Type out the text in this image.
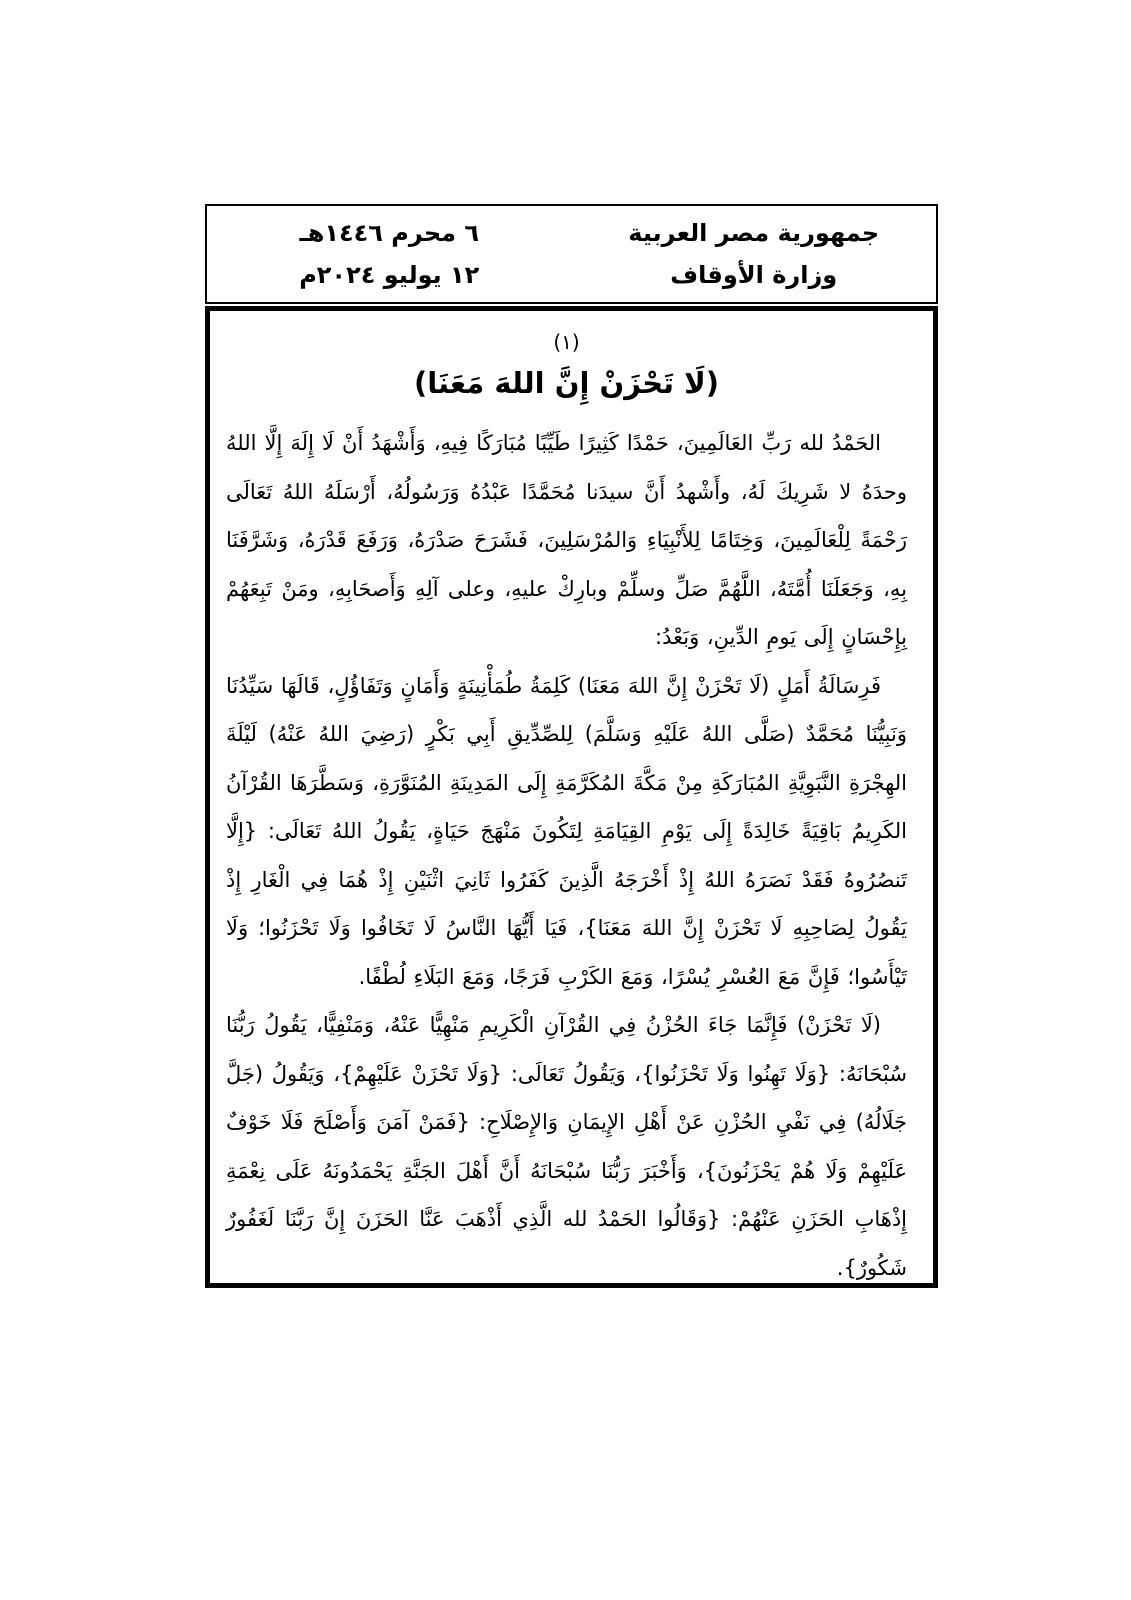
جمهورية مصر العربية
وزارة الأوقاف
٦ محرم ١٤٤٦هـ
١٢ يوليو ٢٠٢٤م
(١)
(لَا تَحْزَنْ إِنَّ اللهَ مَعَنَا)

الحَمْدُ لله رَبِّ العَالَمِينَ، حَمْدًا كَثِيرًا طَيِّبًا مُبَارَكًا فِيهِ، وَأَشْهَدُ أَنْ لَا إِلَهَ إِلَّا اللهُ وحدَهُ لا شَرِيكَ لَهُ، وأَشْهدُ أَنَّ سيدَنا مُحَمَّدًا عَبْدُهُ وَرَسُولُهُ، أَرْسَلَهُ اللهُ تَعَالَى رَحْمَةً لِلْعَالَمِينَ، وَخِتَامًا لِلأَنْبِيَاءِ وَالمُرْسَلِينَ، فَشَرَحَ صَدْرَهُ، وَرَفَعَ قَدْرَهُ، وَشَرَّفَنَا بِهِ، وَجَعَلَنَا أُمَّتَهُ، اللَّهُمَّ صَلِّ وسلِّمْ وبارِكْ عليهِ، وعلى آلِهِ وَأَصحَابِهِ، ومَنْ تَبِعَهُمْ بِإِحْسَانٍ إِلَى يَومِ الدِّينِ، وَبَعْدُ:

فَرِسَالَةُ أَمَلٍ (لَا تَحْزَنْ إِنَّ اللهَ مَعَنَا) كَلِمَةُ طُمَأْنِينَةٍ وَأَمَانٍ وَتَفَاؤُلٍ، قَالَهَا سَيِّدُنَا وَنَبِيُّنَا مُحَمَّدٌ (صَلَّى اللهُ عَلَيْهِ وَسَلَّمَ) لِلصِّدِّيقِ أَبِي بَكْرٍ (رَضِيَ اللهُ عَنْهُ) لَيْلَةَ الهِجْرَةِ النَّبَوِيَّةِ المُبَارَكَةِ مِنْ مَكَّةَ المُكَرَّمَةِ إِلَى المَدِينَةِ المُنَوَّرَةِ، وَسَطَّرَهَا القُرْآنُ الكَرِيمُ بَاقِيَةً خَالِدَةً إِلَى يَوْمِ القِيَامَةِ لِتَكُونَ مَنْهَجَ حَيَاةٍ، يَقُولُ اللهُ تَعَالَى: {إِلَّا تَنصُرُوهُ فَقَدْ نَصَرَهُ اللهُ إِذْ أَخْرَجَهُ الَّذِينَ كَفَرُوا ثَانِيَ اثْنَيْنِ إِذْ هُمَا فِي الْغَارِ إِذْ يَقُولُ لِصَاحِبِهِ لَا تَحْزَنْ إِنَّ اللهَ مَعَنَا}، فَيَا أَيُّهَا النَّاسُ لَا تَخَافُوا وَلَا تَحْزَنُوا؛ وَلَا تَيْأَسُوا؛ فَإِنَّ مَعَ العُسْرِ يُسْرًا، وَمَعَ الكَرْبِ فَرَجًا، وَمَعَ البَلَاءِ لُطْفًا.

(لَا تَحْزَنْ) فَإِنَّمَا جَاءَ الحُزْنُ فِي القُرْآنِ الْكَرِيمِ مَنْهِيًّا عَنْهُ، وَمَنْفِيًّا، يَقُولُ رَبُّنَا سُبْحَانَهُ: {وَلَا تَهِنُوا وَلَا تَحْزَنُوا}، وَيَقُولُ تَعَالَى: {وَلَا تَحْزَنْ عَلَيْهِمْ}، وَيَقُولُ (جَلَّ جَلَالُهُ) فِي نَفْيِ الحُزْنِ عَنْ أَهْلِ الإِيمَانِ وَالإِصْلَاحِ: {فَمَنْ آمَنَ وَأَصْلَحَ فَلَا خَوْفٌ عَلَيْهِمْ وَلَا هُمْ يَحْزَنُونَ}، وَأَخْبَرَ رَبُّنَا سُبْحَانَهُ أَنَّ أَهْلَ الجَنَّةِ يَحْمَدُونَهُ عَلَى نِعْمَةِ إِذْهَابِ الحَزَنِ عَنْهُمْ: {وَقَالُوا الحَمْدُ لله الَّذِي أَذْهَبَ عَنَّا الحَزَنَ إِنَّ رَبَّنَا لَغَفُورٌ شَكُورٌ}.
